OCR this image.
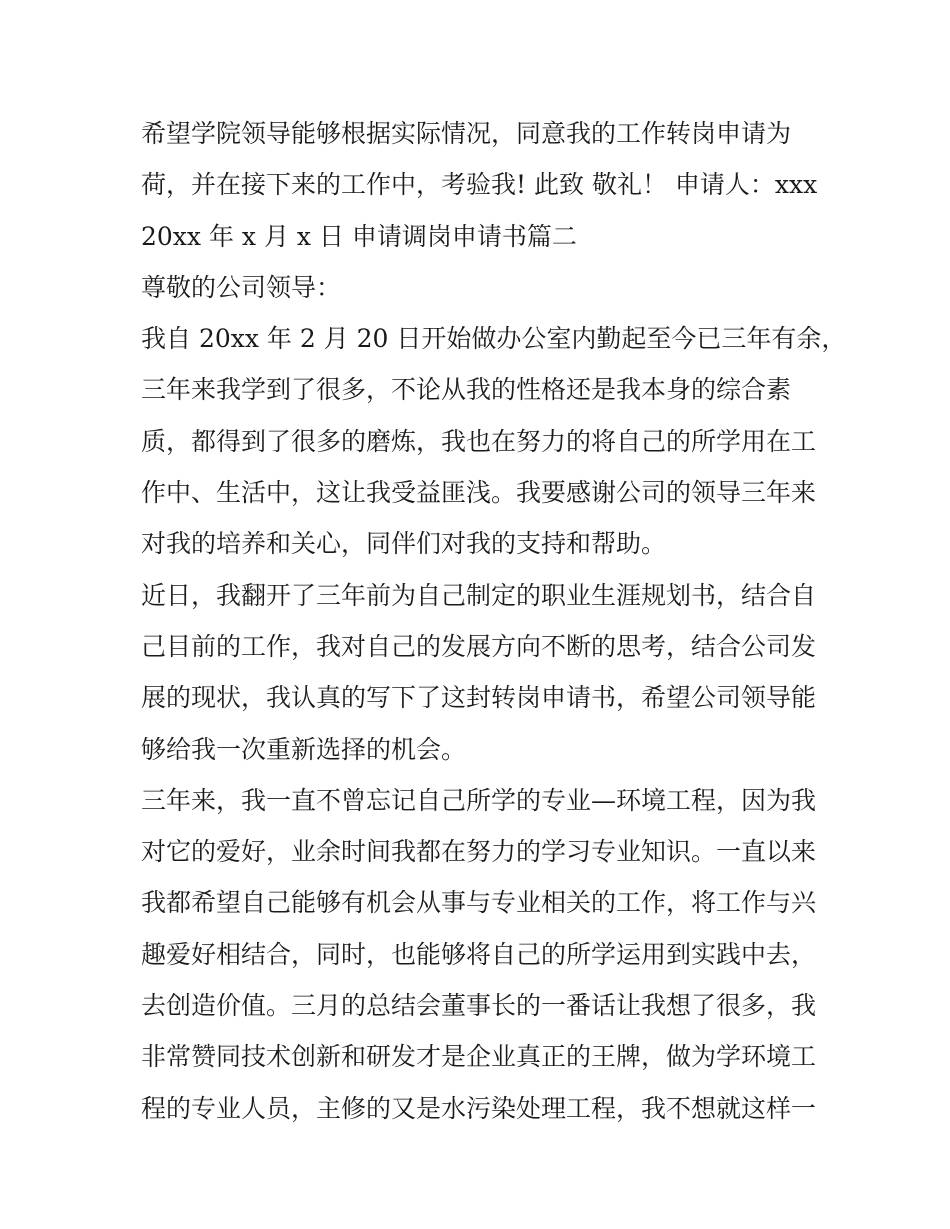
希望学院领导能够根据实际情况，同意我的工作转岗申请为
荷，并在接下来的工作中，考验我! 此致 敬礼！ 申请人：xxx
20xx 年 x 月 x 日 申请调岗申请书篇二
尊敬的公司领导：
我自 20xx 年 2 月 20 日开始做办公室内勤起至今已三年有余，
三年来我学到了很多，不论从我的性格还是我本身的综合素
质，都得到了很多的磨炼，我也在努力的将自己的所学用在工
作中、生活中，这让我受益匪浅。我要感谢公司的领导三年来
对我的培养和关心，同伴们对我的支持和帮助。
近日，我翻开了三年前为自己制定的职业生涯规划书，结合自
己目前的工作，我对自己的发展方向不断的思考，结合公司发
展的现状，我认真的写下了这封转岗申请书，希望公司领导能
够给我一次重新选择的机会。
三年来，我一直不曾忘记自己所学的专业—环境工程，因为我
对它的爱好，业余时间我都在努力的学习专业知识。一直以来
我都希望自己能够有机会从事与专业相关的工作，将工作与兴
趣爱好相结合，同时，也能够将自己的所学运用到实践中去，
去创造价值。三月的总结会董事长的一番话让我想了很多，我
非常赞同技术创新和研发才是企业真正的王牌，做为学环境工
程的专业人员，主修的又是水污染处理工程，我不想就这样一
